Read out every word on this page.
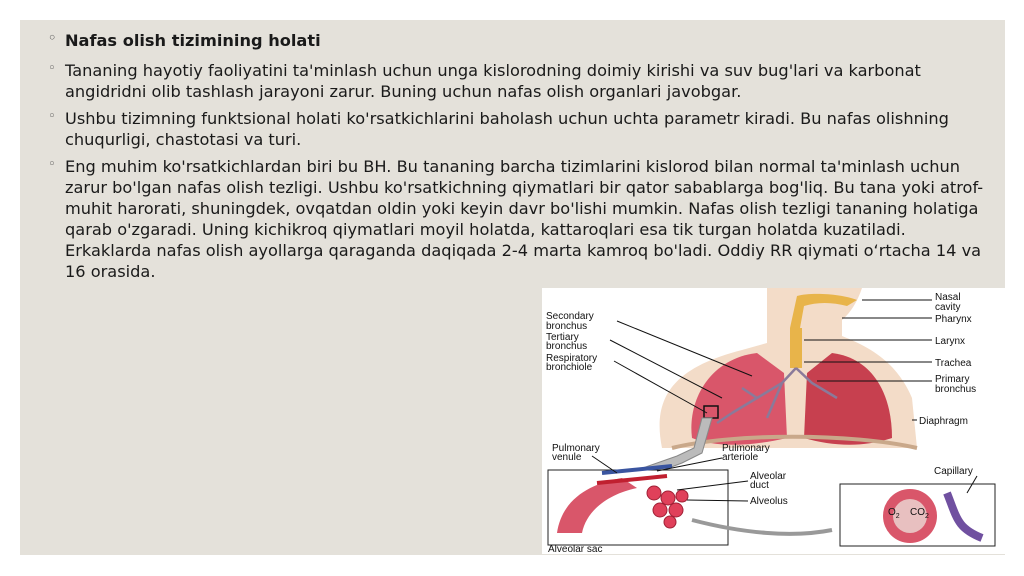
◦ Nafas olish tizimining holati
◦ Tananing hayotiy faoliyatini ta'minlash uchun unga kislorodning doimiy kirishi va suv bug'lari va karbonat angidridni olib tashlash jarayoni zarur. Buning uchun nafas olish organlari javobgar.
◦ Ushbu tizimning funktsional holati ko'rsatkichlarini baholash uchun uchta parametr kiradi. Bu nafas olishning chuqurligi, chastotasi va turi.
◦ Eng muhim ko'rsatkichlardan biri bu BH. Bu tananing barcha tizimlarini kislorod bilan normal ta'minlash uchun zarur bo'lgan nafas olish tezligi. Ushbu ko'rsatkichning qiymatlari bir qator sabablarga bog'liq. Bu tana yoki atrof-muhit harorati, shuningdek, ovqatdan oldin yoki keyin davr bo'lishi mumkin. Nafas olish tezligi tananing holatiga qarab o'zgaradi. Uning kichikroq qiymatlari moyil holatda, kattaroqlari esa tik turgan holatda kuzatiladi. Erkaklarda nafas olish ayollarga qaraganda daqiqada 2-4 marta kamroq bo'ladi. Oddiy RR qiymati o‘rtacha 14 va 16 orasida.
Nasal
cavity
Pharynx
Larynx
Trachea
Primary
bronchus
Diaphragm
Secondary
bronchus
Tertiary
bronchus
Respiratory
bronchiole
Pulmonary
venule
Pulmonary
arteriole
Alveolar
duct
Alveolus
Capillary
$O_2$ $CO_2$
Alveolar sac
